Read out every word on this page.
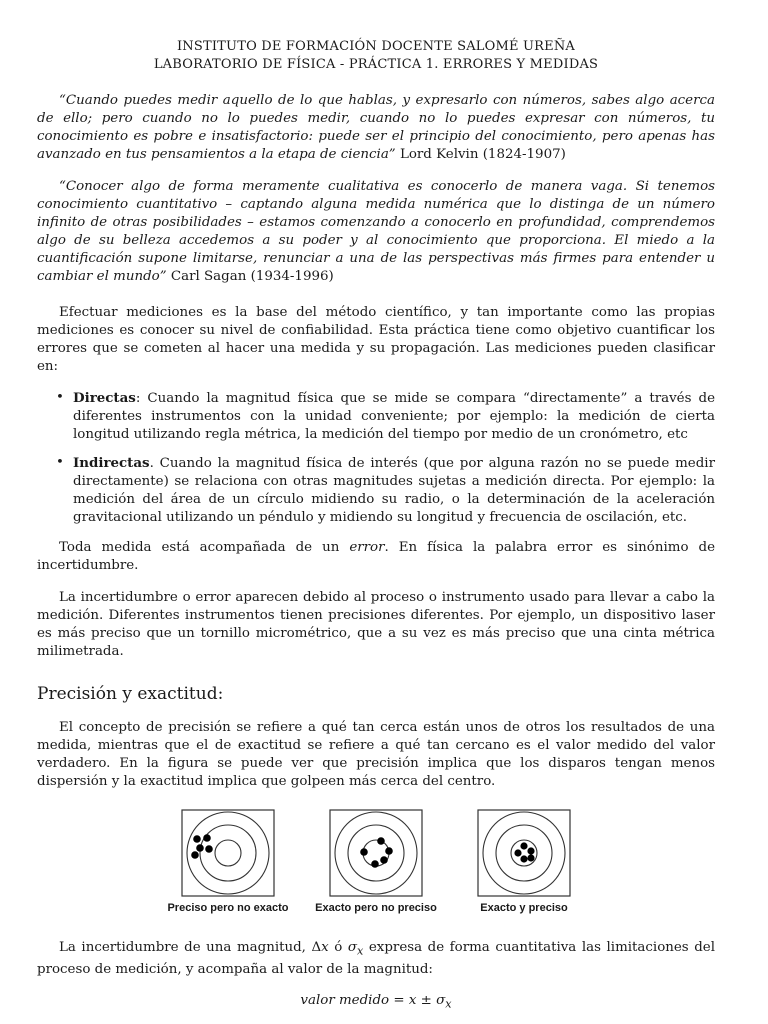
INSTITUTO DE FORMACIÓN DOCENTE SALOMÉ UREÑA
LABORATORIO DE FÍSICA - PRÁCTICA 1. ERRORES Y MEDIDAS

“Cuando puedes medir aquello de lo que hablas, y expresarlo con números, sabes algo acerca de ello; pero cuando no lo puedes medir, cuando no lo puedes expresar con números, tu conocimiento es pobre e insatisfactorio: puede ser el principio del conocimiento, pero apenas has avanzado en tus pensamientos a la etapa de ciencia” Lord Kelvin (1824-1907)

“Conocer algo de forma meramente cualitativa es conocerlo de manera vaga. Si tenemos conocimiento cuantitativo – captando alguna medida numérica que lo distinga de un número infinito de otras posibilidades – estamos comenzando a conocerlo en profundidad, comprendemos algo de su belleza accedemos a su poder y al conocimiento que proporciona. El miedo a la cuantificación supone limitarse, renunciar a una de las perspectivas más firmes para entender u cambiar el mundo” Carl Sagan (1934-1996)

Efectuar mediciones es la base del método científico, y tan importante como las propias mediciones es conocer su nivel de confiabilidad. Esta práctica tiene como objetivo cuantificar los errores que se cometen al hacer una medida y su propagación. Las mediciones pueden clasificar en:

• Directas: Cuando la magnitud física que se mide se compara “directamente” a través de diferentes instrumentos con la unidad conveniente; por ejemplo: la medición de cierta longitud utilizando regla métrica, la medición del tiempo por medio de un cronómetro, etc
• Indirectas. Cuando la magnitud física de interés (que por alguna razón no se puede medir directamente) se relaciona con otras magnitudes sujetas a medición directa. Por ejemplo: la medición del área de un círculo midiendo su radio, o la determinación de la aceleración gravitacional utilizando un péndulo y midiendo su longitud y frecuencia de oscilación, etc.

Toda medida está acompañada de un error. En física la palabra error es sinónimo de incertidumbre.

La incertidumbre o error aparecen debido al proceso o instrumento usado para llevar a cabo la medición. Diferentes instrumentos tienen precisiones diferentes. Por ejemplo, un dispositivo laser es más preciso que un tornillo micrométrico, que a su vez es más preciso que una cinta métrica milimetrada.

Precisión y exactitud:

El concepto de precisión se refiere a qué tan cerca están unos de otros los resultados de una medida, mientras que el de exactitud se refiere a qué tan cercano es el valor medido del valor verdadero. En la figura se puede ver que precisión implica que los disparos tengan menos dispersión y la exactitud implica que golpeen más cerca del centro.

Preciso pero no exacto	Exacto pero no preciso	Exacto y preciso

La incertidumbre de una magnitud, Δx ó $\sigma_x$ expresa de forma cuantitativa las limitaciones del proceso de medición, y acompaña al valor de la magnitud:

valor medido = $x \pm \sigma_x$
